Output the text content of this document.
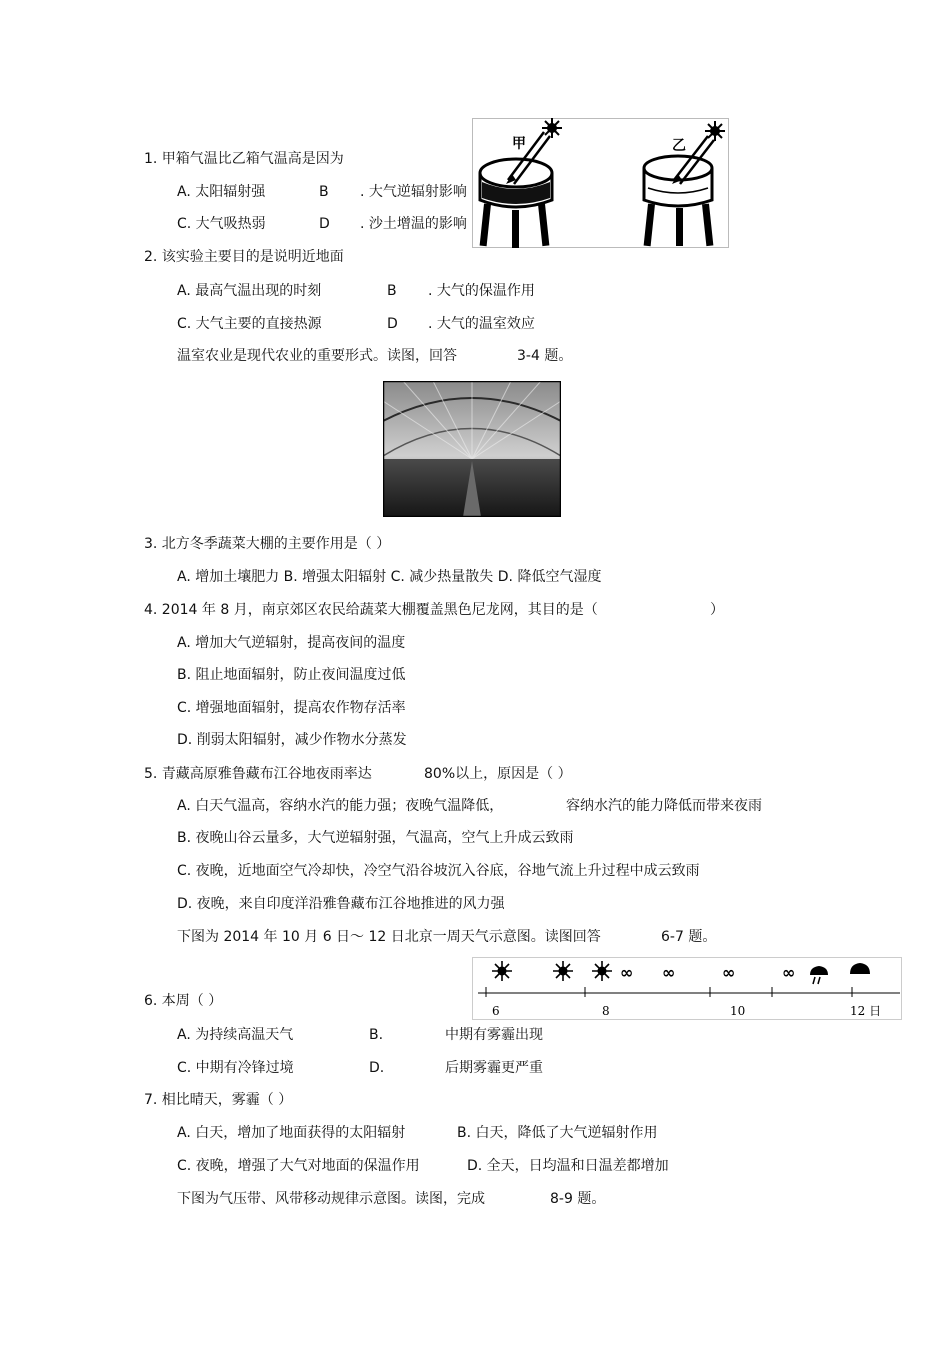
1. 甲箱气温比乙箱气温高是因为
A. 太阳辐射强	B . 大气逆辐射影响
C. 大气吸热弱	D . 沙土增温的影响
甲	乙
2. 该实验主要目的是说明近地面
A. 最高气温出现的时刻	B . 大气的保温作用
C. 大气主要的直接热源	D . 大气的温室效应
温室农业是现代农业的重要形式。读图，回答	3-4 题。
3. 北方冬季蔬菜大棚的主要作用是（ ）
A. 增加土壤肥力 B. 增强太阳辐射 C. 减少热量散失 D. 降低空气湿度
4. 2014 年 8 月，南京郊区农民给蔬菜大棚覆盖黑色尼龙网，其目的是（	）
A. 增加大气逆辐射，提高夜间的温度
B. 阻止地面辐射，防止夜间温度过低
C. 增强地面辐射，提高农作物存活率
D. 削弱太阳辐射，减少作物水分蒸发
5. 青藏高原雅鲁藏布江谷地夜雨率达	80%以上，原因是（ ）
A. 白天气温高，容纳水汽的能力强；夜晚气温降低，	容纳水汽的能力降低而带来夜雨
B. 夜晚山谷云量多，大气逆辐射强，气温高，空气上升成云致雨
C. 夜晚，近地面空气冷却快，冷空气沿谷坡沉入谷底，谷地气流上升过程中成云致雨
D. 夜晚，来自印度洋沿雅鲁藏布江谷地推进的风力强
下图为 2014 年 10 月 6 日～ 12 日北京一周天气示意图。读图回答	6-7 题。
∞ ∞	∞	∞
6	8	10	12 日
6. 本周（ ）
A. 为持续高温天气	B.	中期有雾霾出现
C. 中期有冷锋过境	D.	后期雾霾更严重
7. 相比晴天，雾霾（ ）
A. 白天，增加了地面获得的太阳辐射	B. 白天，降低了大气逆辐射作用
C. 夜晚，增强了大气对地面的保温作用	D. 全天，日均温和日温差都增加
下图为气压带、风带移动规律示意图。读图，完成	8-9 题。
